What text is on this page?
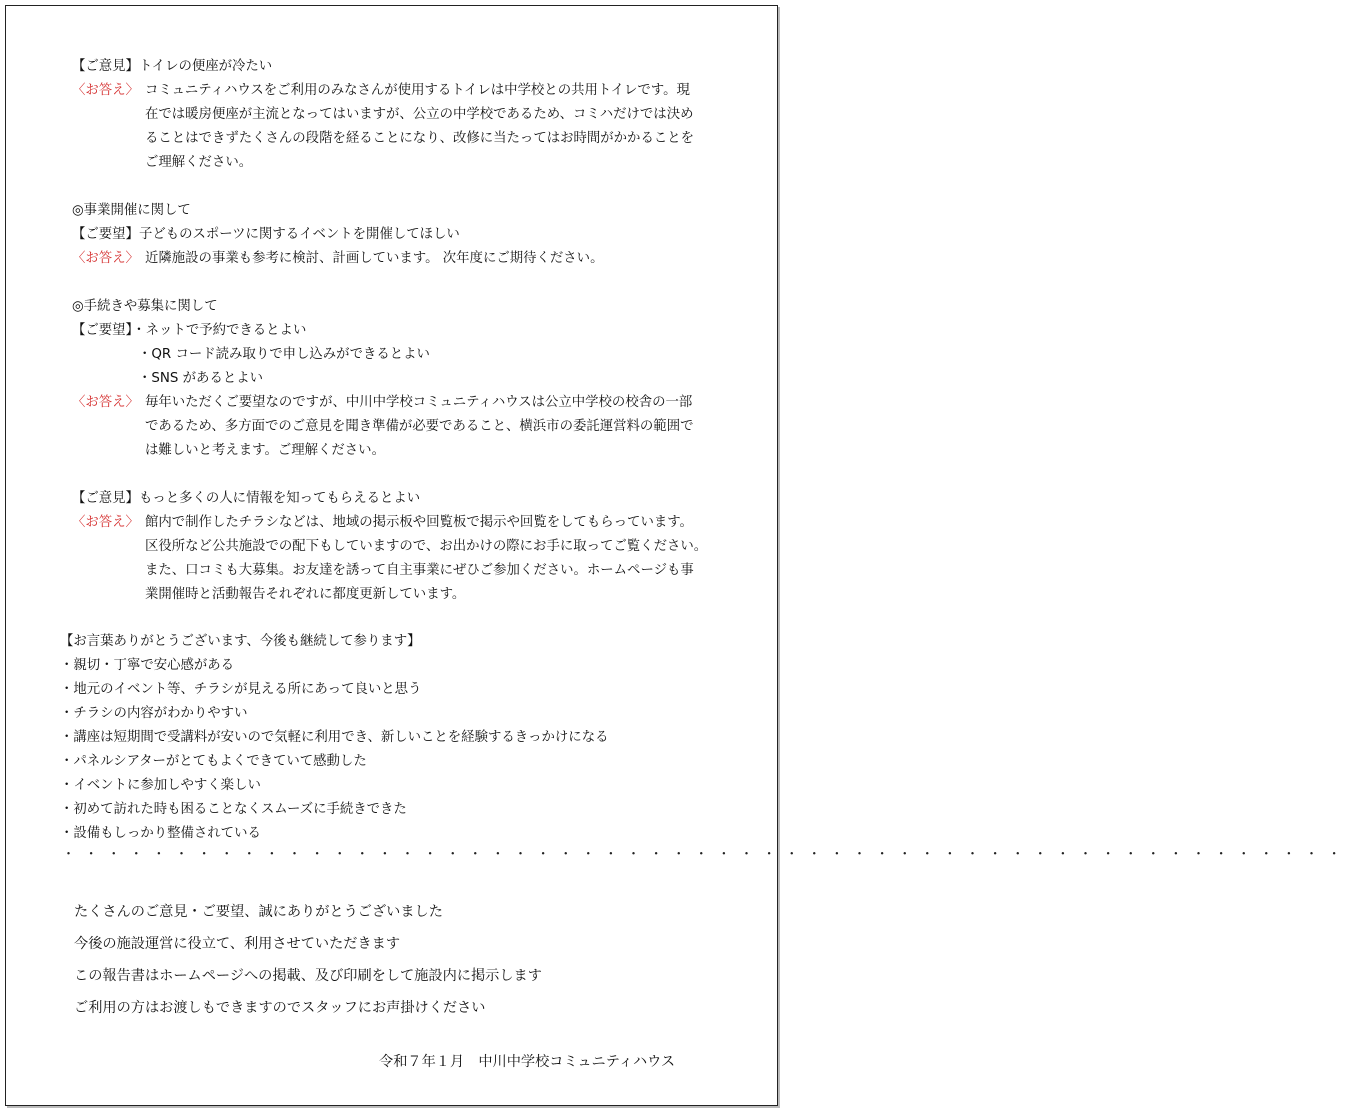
【ご意見】トイレの便座が冷たい
〈お答え〉 コミュニティハウスをご利用のみなさんが使用するトイレは中学校との共用トイレです。現
在では暖房便座が主流となってはいますが、公立の中学校であるため、コミハだけでは決め
ることはできずたくさんの段階を経ることになり、改修に当たってはお時間がかかることを
ご理解ください。
◎事業開催に関して
【ご要望】子どものスポーツに関するイベントを開催してほしい
〈お答え〉 近隣施設の事業も参考に検討、計画しています。 次年度にご期待ください。
◎手続きや募集に関して
【ご要望】・ネットで予約できるとよい
・QR コード読み取りで申し込みができるとよい
・SNS があるとよい
〈お答え〉 毎年いただくご要望なのですが、中川中学校コミュニティハウスは公立中学校の校舎の一部
であるため、多方面でのご意見を聞き準備が必要であること、横浜市の委託運営料の範囲で
は難しいと考えます。ご理解ください。
【ご意見】もっと多くの人に情報を知ってもらえるとよい
〈お答え〉 館内で制作したチラシなどは、地域の掲示板や回覧板で掲示や回覧をしてもらっています。
区役所など公共施設での配下もしていますので、お出かけの際にお手に取ってご覧ください。
また、口コミも大募集。お友達を誘って自主事業にぜひご参加ください。ホームページも事
業開催時と活動報告それぞれに都度更新しています。
【お言葉ありがとうございます、今後も継続して参ります】
・親切・丁寧で安心感がある
・地元のイベント等、チラシが見える所にあって良いと思う
・チラシの内容がわかりやすい
・講座は短期間で受講料が安いので気軽に利用でき、新しいことを経験するきっかけになる
・パネルシアターがとてもよくできていて感動した
・イベントに参加しやすく楽しい
・初めて訪れた時も困ることなくスムーズに手続きできた
・設備もしっかり整備されている
・・・・・・・・・・・・・・・・・・・・・・・・・・・・・・・・・・・・・・・・・・・・・・・・・・・・・・・・・
たくさんのご意見・ご要望、誠にありがとうございました
今後の施設運営に役立て、利用させていただきます
この報告書はホームページへの掲載、及び印刷をして施設内に掲示します
ご利用の方はお渡しもできますのでスタッフにお声掛けください
令和７年１月　中川中学校コミュニティハウス
